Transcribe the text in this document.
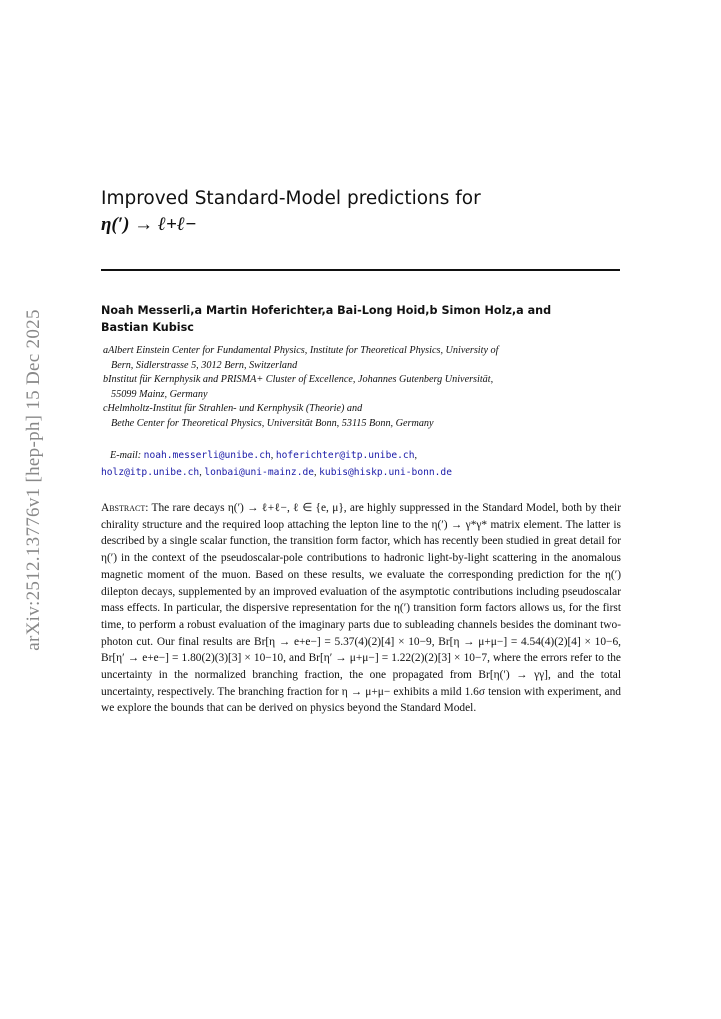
arXiv:2512.13776v1 [hep-ph] 15 Dec 2025
Improved Standard-Model predictions for
η(′) → ℓ+ℓ−
Noah Messerli,a Martin Hoferichter,a Bai-Long Hoid,b Simon Holz,a and
Bastian Kubisc
aAlbert Einstein Center for Fundamental Physics, Institute for Theoretical Physics, University of
Bern, Sidlerstrasse 5, 3012 Bern, Switzerland
bInstitut für Kernphysik and PRISMA+ Cluster of Excellence, Johannes Gutenberg Universität,
55099 Mainz, Germany
cHelmholtz-Institut für Strahlen- und Kernphysik (Theorie) and
Bethe Center for Theoretical Physics, Universität Bonn, 53115 Bonn, Germany
E-mail: noah.messerli@unibe.ch, hoferichter@itp.unibe.ch,
holz@itp.unibe.ch, lonbai@uni-mainz.de, kubis@hiskp.uni-bonn.de
Abstract: The rare decays η(′) → ℓ+ℓ−, ℓ ∈ {e, μ}, are highly suppressed in the Standard Model, both by their chirality structure and the required loop attaching the lepton line to the η(′) → γ*γ* matrix element. The latter is described by a single scalar function, the transition form factor, which has recently been studied in great detail for η(′) in the context of the pseudoscalar-pole contributions to hadronic light-by-light scattering in the anomalous magnetic moment of the muon. Based on these results, we evaluate the corresponding prediction for the η(′) dilepton decays, supplemented by an improved evaluation of the asymptotic contributions including pseudoscalar mass effects. In particular, the dispersive representation for the η(′) transition form factors allows us, for the first time, to perform a robust evaluation of the imaginary parts due to subleading channels besides the dominant two-photon cut. Our final results are Br[η → e+e−] = 5.37(4)(2)[4] × 10−9, Br[η → μ+μ−] = 4.54(4)(2)[4] × 10−6, Br[η′ → e+e−] = 1.80(2)(3)[3] × 10−10, and Br[η′ → μ+μ−] = 1.22(2)(2)[3] × 10−7, where the errors refer to the uncertainty in the normalized branching fraction, the one propagated from Br[η(′) → γγ], and the total uncertainty, respectively. The branching fraction for η → μ+μ− exhibits a mild 1.6σ tension with experiment, and we explore the bounds that can be derived on physics beyond the Standard Model.
